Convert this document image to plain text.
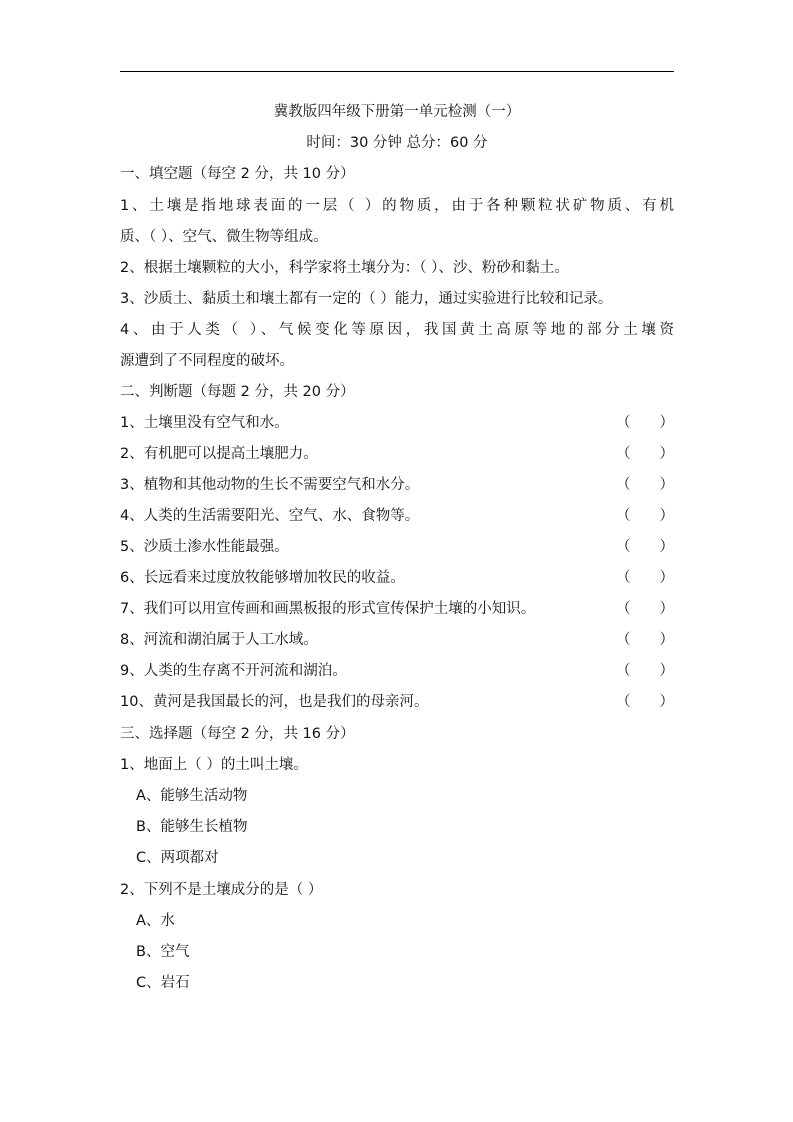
冀教版四年级下册第一单元检测（一）
时间：30 分钟 总分：60 分
一、填空题（每空 2 分，共 10 分）
1、土壤是指地球表面的一层（ ）的物质，由于各种颗粒状矿物质、有机
质、（ ）、空气、微生物等组成。
2、根据土壤颗粒的大小，科学家将土壤分为：（ ）、沙、粉砂和黏土。
3、沙质土、黏质土和壤土都有一定的（ ）能力，通过实验进行比较和记录。
4、由于人类（ ）、气候变化等原因，我国黄土高原等地的部分土壤资
源遭到了不同程度的破坏。
二、判断题（每题 2 分，共 20 分）
1、土壤里没有空气和水。	（ ）
2、有机肥可以提高土壤肥力。	（ ）
3、植物和其他动物的生长不需要空气和水分。	（ ）
4、人类的生活需要阳光、空气、水、食物等。	（ ）
5、沙质土渗水性能最强。	（ ）
6、长远看来过度放牧能够增加牧民的收益。	（ ）
7、我们可以用宣传画和画黑板报的形式宣传保护土壤的小知识。	（ ）
8、河流和湖泊属于人工水域。	（ ）
9、人类的生存离不开河流和湖泊。	（ ）
10、黄河是我国最长的河，也是我们的母亲河。	（ ）
三、选择题（每空 2 分，共 16 分）
1、地面上（ ）的土叫土壤。
A、能够生活动物
B、能够生长植物
C、两项都对
2、下列不是土壤成分的是（ ）
A、水
B、空气
C、岩石
